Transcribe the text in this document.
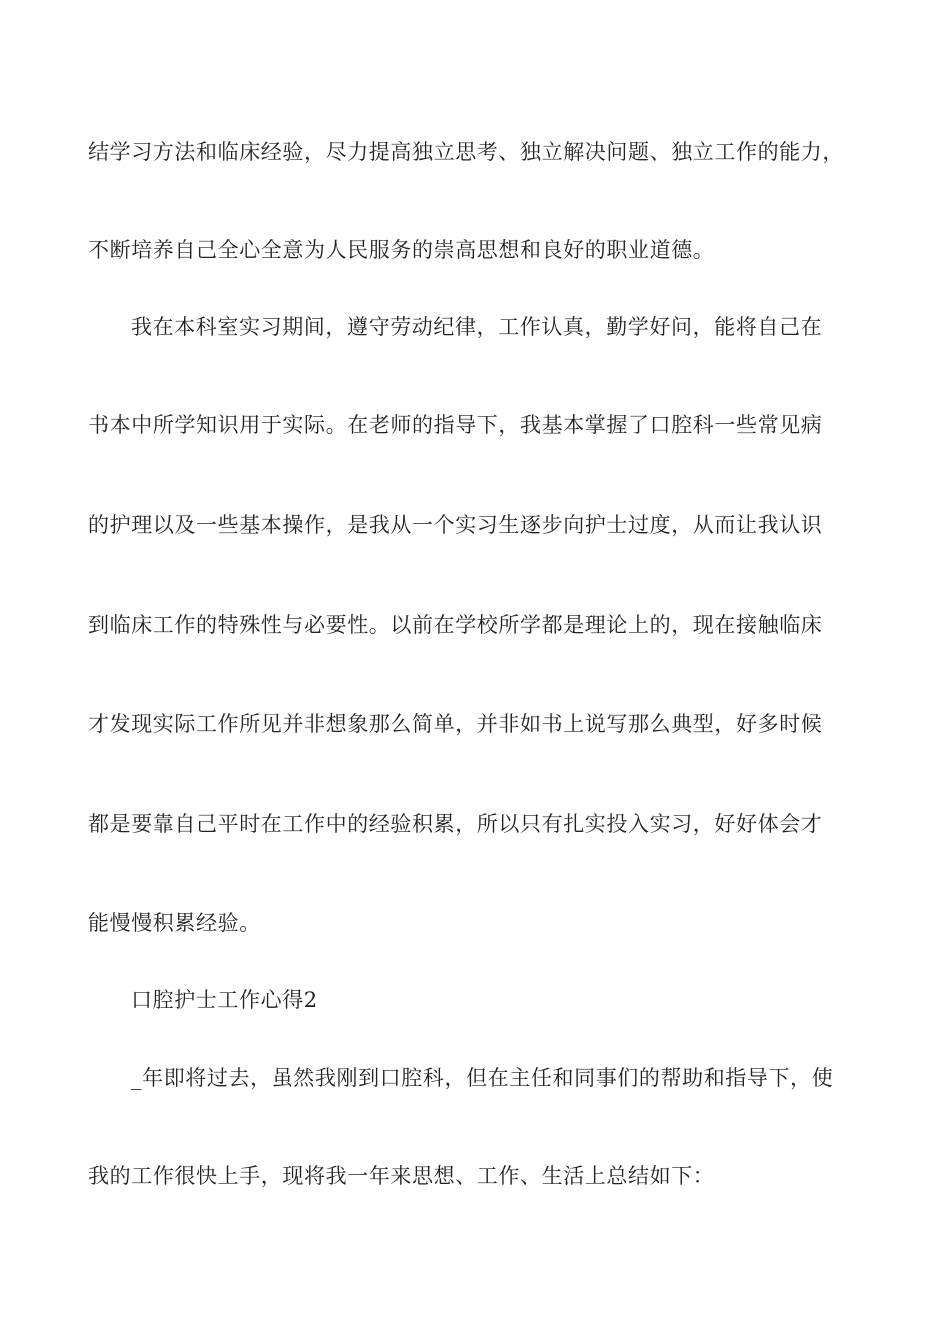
结学习方法和临床经验，尽力提高独立思考、独立解决问题、独立工作的能力，
不断培养自己全心全意为人民服务的崇高思想和良好的职业道德。
我在本科室实习期间，遵守劳动纪律，工作认真，勤学好问，能将自己在
书本中所学知识用于实际。在老师的指导下，我基本掌握了口腔科一些常见病
的护理以及一些基本操作，是我从一个实习生逐步向护士过度，从而让我认识
到临床工作的特殊性与必要性。以前在学校所学都是理论上的，现在接触临床
才发现实际工作所见并非想象那么简单，并非如书上说写那么典型，好多时候
都是要靠自己平时在工作中的经验积累，所以只有扎实投入实习，好好体会才
能慢慢积累经验。
口腔护士工作心得2
_年即将过去，虽然我刚到口腔科，但在主任和同事们的帮助和指导下，使
我的工作很快上手，现将我一年来思想、工作、生活上总结如下：
